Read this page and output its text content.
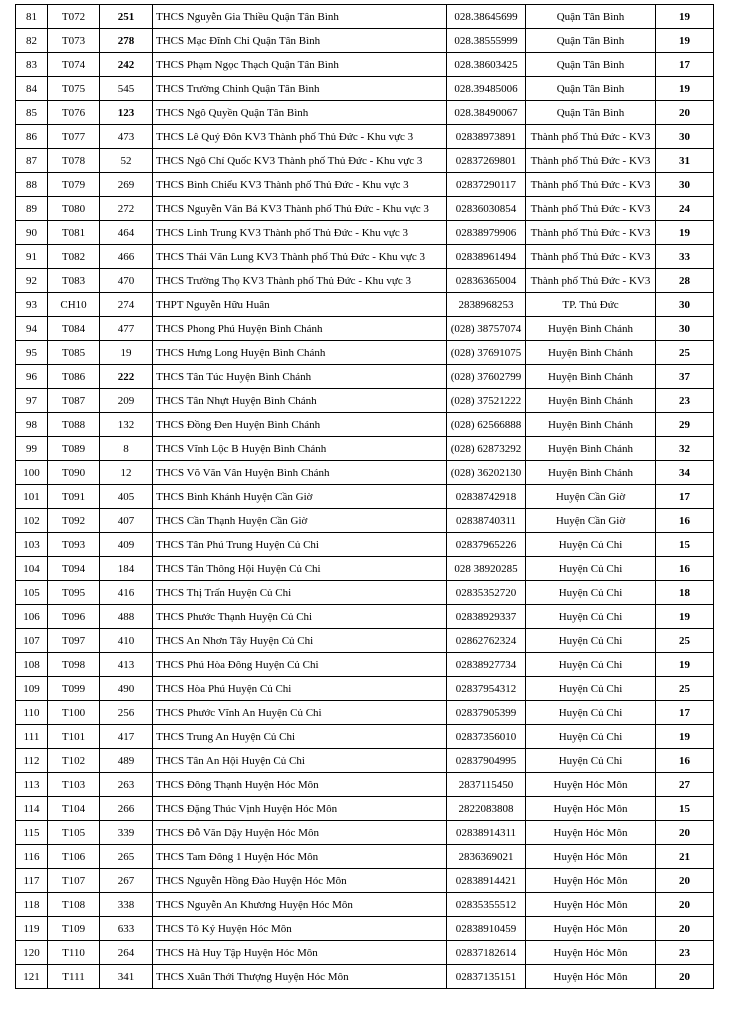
81	T072	251	THCS Nguyễn Gia Thiều Quận Tân Bình	028.38645699	Quận Tân Bình	19
82	T073	278	THCS Mạc Đĩnh Chi Quận Tân Bình	028.38555999	Quận Tân Bình	19
83	T074	242	THCS Phạm Ngọc Thạch Quận Tân Bình	028.38603425	Quận Tân Bình	17
84	T075	545	THCS Trường Chinh Quận Tân Bình	028.39485006	Quận Tân Bình	19
85	T076	123	THCS Ngô Quyền Quận Tân Bình	028.38490067	Quận Tân Bình	20
86	T077	473	THCS Lê Quý Đôn KV3 Thành phố Thủ Đức - Khu vực 3	02838973891	Thành phố Thủ Đức - KV3	30
87	T078	52	THCS Ngô Chí Quốc KV3 Thành phố Thủ Đức - Khu vực 3	02837269801	Thành phố Thủ Đức - KV3	31
88	T079	269	THCS Bình Chiểu KV3 Thành phố Thủ Đức - Khu vực 3	02837290117	Thành phố Thủ Đức - KV3	30
89	T080	272	THCS Nguyễn Văn Bá KV3 Thành phố Thủ Đức - Khu vực 3	02836030854	Thành phố Thủ Đức - KV3	24
90	T081	464	THCS Linh Trung KV3 Thành phố Thủ Đức - Khu vực 3	02838979906	Thành phố Thủ Đức - KV3	19
91	T082	466	THCS Thái Văn Lung KV3 Thành phố Thủ Đức - Khu vực 3	02838961494	Thành phố Thủ Đức - KV3	33
92	T083	470	THCS Trường Thọ KV3 Thành phố Thủ Đức - Khu vực 3	02836365004	Thành phố Thủ Đức - KV3	28
93	CH10	274	THPT Nguyễn Hữu Huân	2838968253	TP. Thủ Đức	30
94	T084	477	THCS Phong Phú Huyện Bình Chánh	(028) 38757074	Huyện Bình Chánh	30
95	T085	19	THCS Hưng Long Huyện Bình Chánh	(028) 37691075	Huyện Bình Chánh	25
96	T086	222	THCS Tân Túc Huyện Bình Chánh	(028) 37602799	Huyện Bình Chánh	37
97	T087	209	THCS Tân Nhựt Huyện Bình Chánh	(028) 37521222	Huyện Bình Chánh	23
98	T088	132	THCS Đồng Đen Huyện Bình Chánh	(028) 62566888	Huyện Bình Chánh	29
99	T089	8	THCS Vĩnh Lộc B Huyện Bình Chánh	(028) 62873292	Huyện Bình Chánh	32
100	T090	12	THCS Võ Văn Vân Huyện Bình Chánh	(028) 36202130	Huyện Bình Chánh	34
101	T091	405	THCS Bình Khánh Huyện Cần Giờ	02838742918	Huyện Cần Giờ	17
102	T092	407	THCS Cần Thạnh Huyện Cần Giờ	02838740311	Huyện Cần Giờ	16
103	T093	409	THCS Tân Phú Trung Huyện Củ Chi	02837965226	Huyện Củ Chi	15
104	T094	184	THCS Tân Thông Hội Huyện Củ Chi	028 38920285	Huyện Củ Chi	16
105	T095	416	THCS Thị Trấn Huyện Củ Chi	02835352720	Huyện Củ Chi	18
106	T096	488	THCS Phước Thạnh Huyện Củ Chi	02838929337	Huyện Củ Chi	19
107	T097	410	THCS An Nhơn Tây Huyện Củ Chi	02862762324	Huyện Củ Chi	25
108	T098	413	THCS Phú Hòa Đông Huyện Củ Chi	02838927734	Huyện Củ Chi	19
109	T099	490	THCS Hòa Phú Huyện Củ Chi	02837954312	Huyện Củ Chi	25
110	T100	256	THCS Phước Vĩnh An Huyện Củ Chi	02837905399	Huyện Củ Chi	17
111	T101	417	THCS Trung An Huyện Củ Chi	02837356010	Huyện Củ Chi	19
112	T102	489	THCS Tân An Hội Huyện Củ Chi	02837904995	Huyện Củ Chi	16
113	T103	263	THCS Đông Thạnh Huyện Hóc Môn	2837115450	Huyện Hóc Môn	27
114	T104	266	THCS Đặng Thúc Vịnh Huyện Hóc Môn	2822083808	Huyện Hóc Môn	15
115	T105	339	THCS Đỗ Văn Dậy Huyện Hóc Môn	02838914311	Huyện Hóc Môn	20
116	T106	265	THCS Tam Đông 1 Huyện Hóc Môn	2836369021	Huyện Hóc Môn	21
117	T107	267	THCS Nguyễn Hồng Đào Huyện Hóc Môn	02838914421	Huyện Hóc Môn	20
118	T108	338	THCS Nguyễn An Khương Huyện Hóc Môn	02835355512	Huyện Hóc Môn	20
119	T109	633	THCS Tô Ký Huyện Hóc Môn	02838910459	Huyện Hóc Môn	20
120	T110	264	THCS Hà Huy Tập Huyện Hóc Môn	02837182614	Huyện Hóc Môn	23
121	T111	341	THCS Xuân Thới Thượng Huyện Hóc Môn	02837135151	Huyện Hóc Môn	20
